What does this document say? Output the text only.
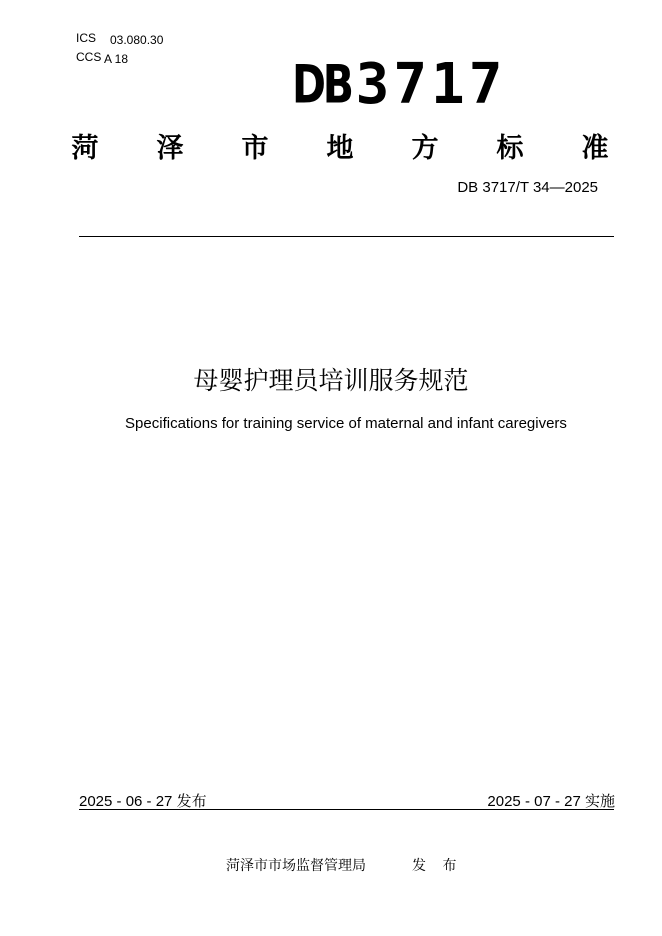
ICS 03.080.30
CCS A 18	DB3717
菏 泽 市 地 方 标 准
DB 3717/T 34—2025
母婴护理员培训服务规范
Specifications for training service of maternal and infant caregivers
2025 - 06 - 27 发布	2025 - 07 - 27 实施
菏泽市市场监督管理局	发 布
